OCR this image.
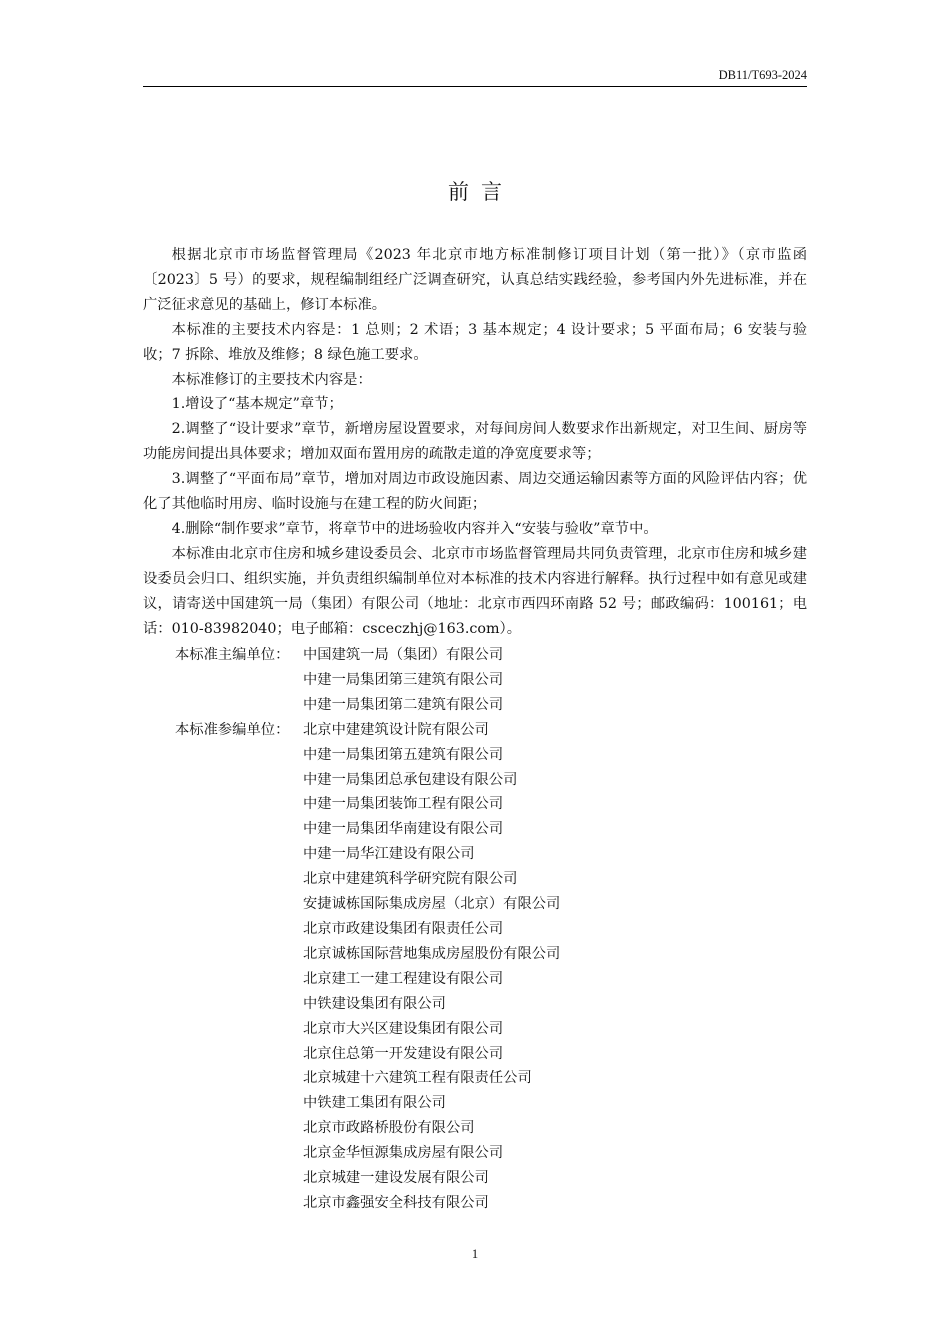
DB11/T693-2024
前言

根据北京市市场监督管理局《2023 年北京市地方标准制修订项目计划（第一批）》（京市监函〔2023〕5 号）的要求，规程编制组经广泛调查研究，认真总结实践经验，参考国内外先进标准，并在广泛征求意见的基础上，修订本标准。

本标准的主要技术内容是：1 总则；2 术语；3 基本规定；4 设计要求；5 平面布局；6 安装与验收；7 拆除、堆放及维修；8 绿色施工要求。

本标准修订的主要技术内容是：

1.增设了“基本规定”章节；

2.调整了“设计要求”章节，新增房屋设置要求，对每间房间人数要求作出新规定，对卫生间、厨房等功能房间提出具体要求；增加双面布置用房的疏散走道的净宽度要求等；

3.调整了“平面布局”章节，增加对周边市政设施因素、周边交通运输因素等方面的风险评估内容；优化了其他临时用房、临时设施与在建工程的防火间距；

4.删除“制作要求”章节，将章节中的进场验收内容并入“安装与验收”章节中。

本标准由北京市住房和城乡建设委员会、北京市市场监督管理局共同负责管理，北京市住房和城乡建设委员会归口、组织实施，并负责组织编制单位对本标准的技术内容进行解释。执行过程中如有意见或建议，请寄送中国建筑一局（集团）有限公司（地址：北京市西四环南路 52 号；邮政编码：100161；电话：010-83982040；电子邮箱：csceczhj@163.com）。

本标准主编单位： 中国建筑一局（集团）有限公司
中建一局集团第三建筑有限公司
中建一局集团第二建筑有限公司
本标准参编单位： 北京中建建筑设计院有限公司
中建一局集团第五建筑有限公司
中建一局集团总承包建设有限公司
中建一局集团装饰工程有限公司
中建一局集团华南建设有限公司
中建一局华江建设有限公司
北京中建建筑科学研究院有限公司
安捷诚栋国际集成房屋（北京）有限公司
北京市政建设集团有限责任公司
北京诚栋国际营地集成房屋股份有限公司
北京建工一建工程建设有限公司
中铁建设集团有限公司
北京市大兴区建设集团有限公司
北京住总第一开发建设有限公司
北京城建十六建筑工程有限责任公司
中铁建工集团有限公司
北京市政路桥股份有限公司
北京金华恒源集成房屋有限公司
北京城建一建设发展有限公司
北京市鑫强安全科技有限公司
1
